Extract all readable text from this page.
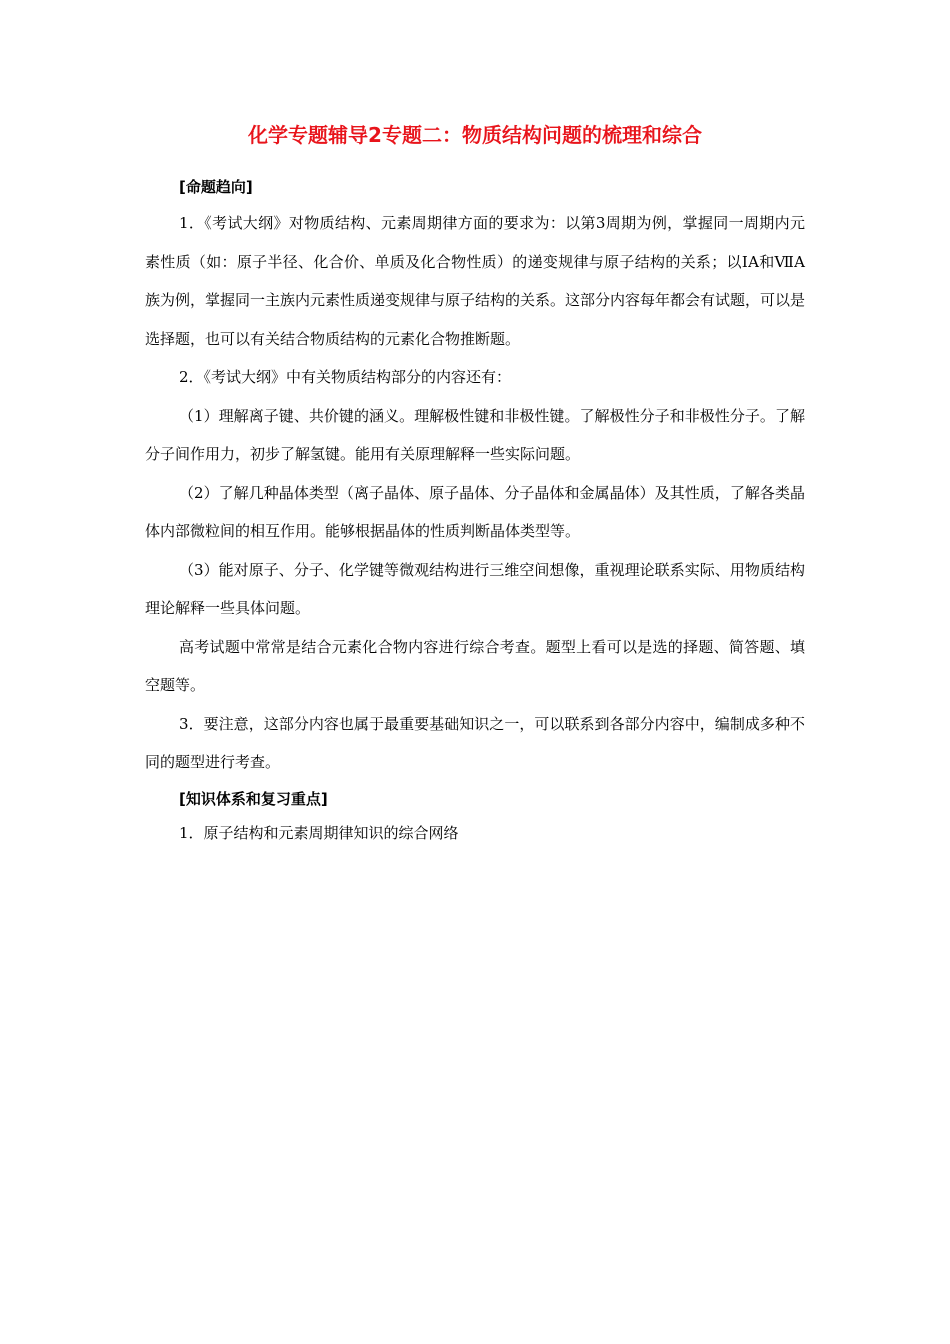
化学专题辅导2专题二：物质结构问题的梳理和综合
[命题趋向]
1．《考试大纲》对物质结构、元素周期律方面的要求为：以第3周期为例，掌握同一周期内元素性质（如：原子半径、化合价、单质及化合物性质）的递变规律与原子结构的关系；以ⅠA和ⅦA族为例，掌握同一主族内元素性质递变规律与原子结构的关系。这部分内容每年都会有试题，可以是选择题，也可以有关结合物质结构的元素化合物推断题。
2．《考试大纲》中有关物质结构部分的内容还有：
（1）理解离子键、共价键的涵义。理解极性键和非极性键。了解极性分子和非极性分子。了解分子间作用力，初步了解氢键。能用有关原理解释一些实际问题。
（2）了解几种晶体类型（离子晶体、原子晶体、分子晶体和金属晶体）及其性质，了解各类晶体内部微粒间的相互作用。能够根据晶体的性质判断晶体类型等。
（3）能对原子、分子、化学键等微观结构进行三维空间想像，重视理论联系实际、用物质结构理论解释一些具体问题。
高考试题中常常是结合元素化合物内容进行综合考查。题型上看可以是选的择题、简答题、填空题等。
3．要注意，这部分内容也属于最重要基础知识之一，可以联系到各部分内容中，编制成多种不同的题型进行考查。
[知识体系和复习重点]
1．原子结构和元素周期律知识的综合网络
